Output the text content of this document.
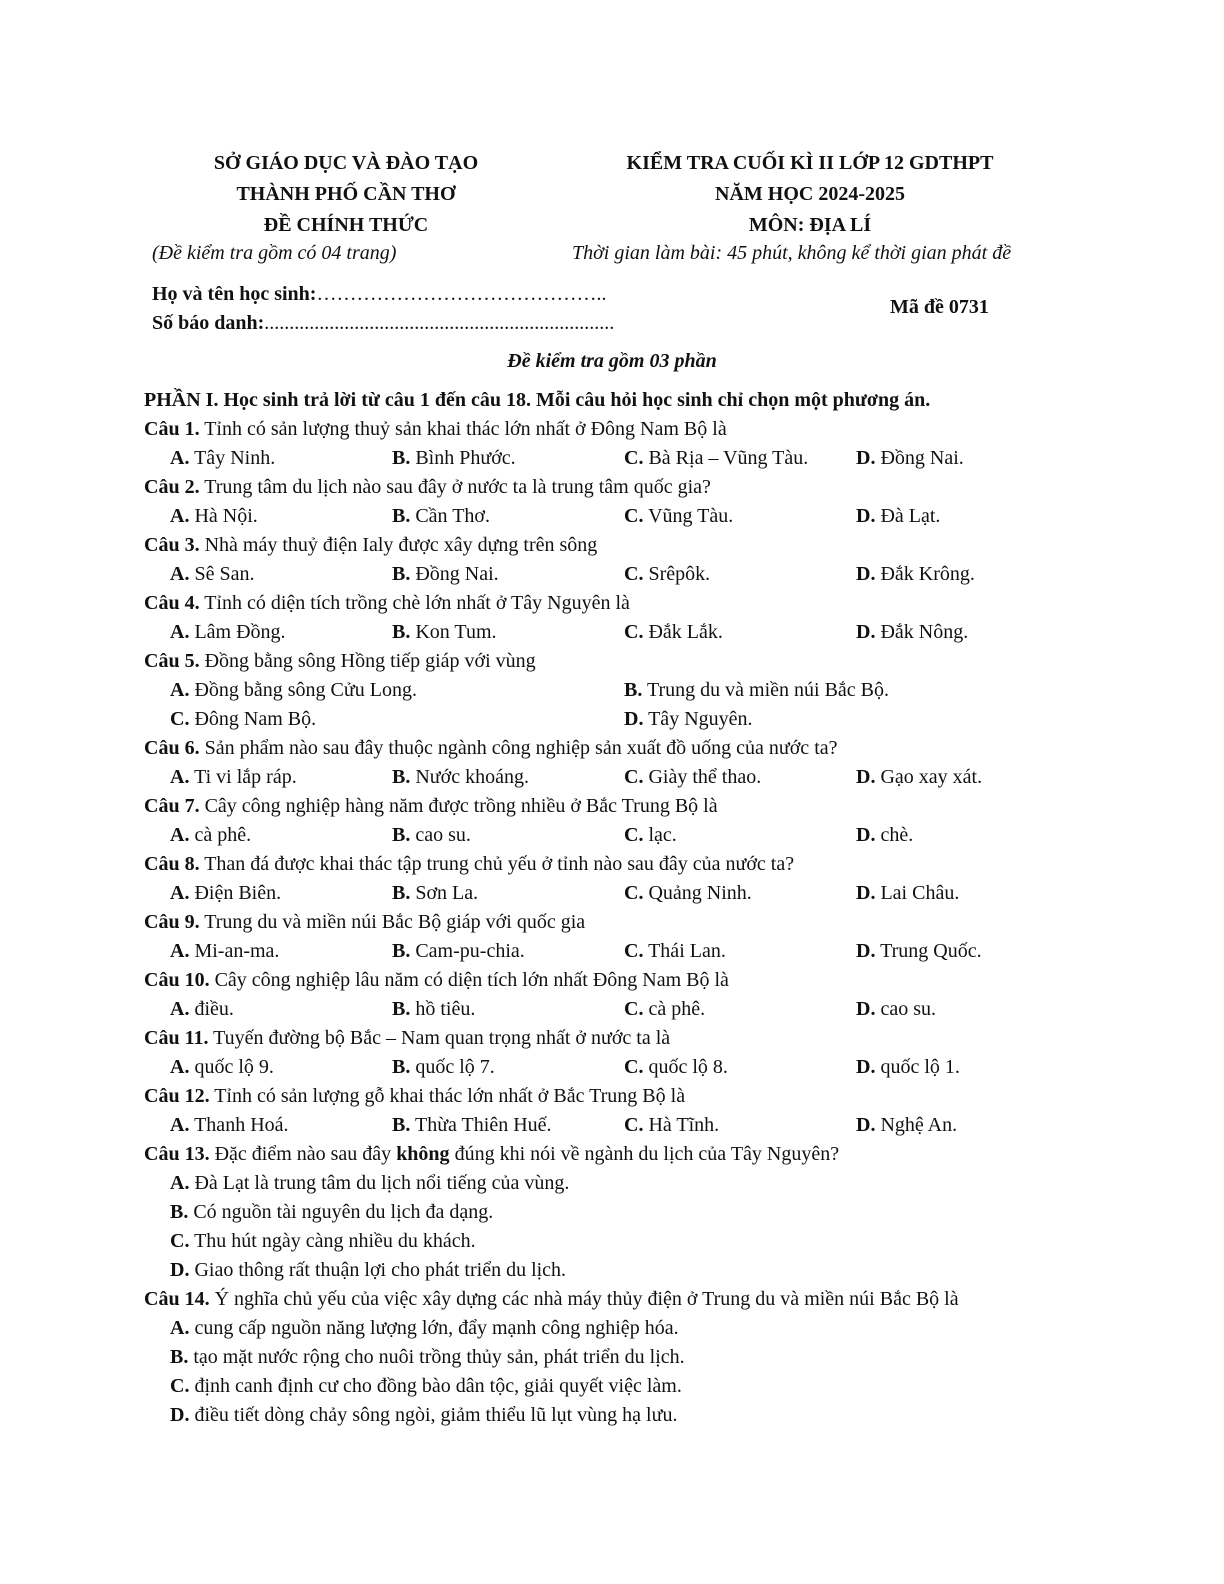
SỞ GIÁO DỤC VÀ ĐÀO TẠO
THÀNH PHỐ CẦN THƠ
ĐỀ CHÍNH THỨC
KIỂM TRA CUỐI KÌ II LỚP 12 GDTHPT
NĂM HỌC 2024-2025
MÔN: ĐỊA LÍ
(Đề kiểm tra gồm có 04 trang)	Thời gian làm bài: 45 phút, không kể thời gian phát đề
Họ và tên học sinh:……………………………………..
Số báo danh:......................................................................
Mã đề 0731
Đề kiểm tra gồm 03 phần
PHẦN I. Học sinh trả lời từ câu 1 đến câu 18. Mỗi câu hỏi học sinh chỉ chọn một phương án.
Câu 1. Tỉnh có sản lượng thuỷ sản khai thác lớn nhất ở Đông Nam Bộ là
A. Tây Ninh.	B. Bình Phước.	C. Bà Rịa – Vũng Tàu. D. Đồng Nai.
Câu 2. Trung tâm du lịch nào sau đây ở nước ta là trung tâm quốc gia?
A. Hà Nội.	B. Cần Thơ.	C. Vũng Tàu.	D. Đà Lạt.
Câu 3. Nhà máy thuỷ điện Ialy được xây dựng trên sông
A. Sê San.	B. Đồng Nai.	C. Srêpôk.	D. Đắk Krông.
Câu 4. Tỉnh có diện tích trồng chè lớn nhất ở Tây Nguyên là
A. Lâm Đồng.	B. Kon Tum.	C. Đắk Lắk.	D. Đắk Nông.
Câu 5. Đồng bằng sông Hồng tiếp giáp với vùng
A. Đồng bằng sông Cửu Long.	B. Trung du và miền núi Bắc Bộ.
C. Đông Nam Bộ.	D. Tây Nguyên.
Câu 6. Sản phẩm nào sau đây thuộc ngành công nghiệp sản xuất đồ uống của nước ta?
A. Ti vi lắp ráp.	B. Nước khoáng.	C. Giày thể thao.	D. Gạo xay xát.
Câu 7. Cây công nghiệp hàng năm được trồng nhiều ở Bắc Trung Bộ là
A. cà phê.	B. cao su.	C. lạc.	D. chè.
Câu 8. Than đá được khai thác tập trung chủ yếu ở tỉnh nào sau đây của nước ta?
A. Điện Biên.	B. Sơn La.	C. Quảng Ninh.	D. Lai Châu.
Câu 9. Trung du và miền núi Bắc Bộ giáp với quốc gia
A. Mi-an-ma.	B. Cam-pu-chia.	C. Thái Lan.	D. Trung Quốc.
Câu 10. Cây công nghiệp lâu năm có diện tích lớn nhất Đông Nam Bộ là
A. điều.	B. hồ tiêu.	C. cà phê.	D. cao su.
Câu 11. Tuyến đường bộ Bắc – Nam quan trọng nhất ở nước ta là
A. quốc lộ 9.	B. quốc lộ 7.	C. quốc lộ 8.	D. quốc lộ 1.
Câu 12. Tỉnh có sản lượng gỗ khai thác lớn nhất ở Bắc Trung Bộ là
A. Thanh Hoá.	B. Thừa Thiên Huế.	C. Hà Tĩnh.	D. Nghệ An.
Câu 13. Đặc điểm nào sau đây không đúng khi nói về ngành du lịch của Tây Nguyên?
A. Đà Lạt là trung tâm du lịch nổi tiếng của vùng.
B. Có nguồn tài nguyên du lịch đa dạng.
C. Thu hút ngày càng nhiều du khách.
D. Giao thông rất thuận lợi cho phát triển du lịch.
Câu 14. Ý nghĩa chủ yếu của việc xây dựng các nhà máy thủy điện ở Trung du và miền núi Bắc Bộ là
A. cung cấp nguồn năng lượng lớn, đẩy mạnh công nghiệp hóa.
B. tạo mặt nước rộng cho nuôi trồng thủy sản, phát triển du lịch.
C. định canh định cư cho đồng bào dân tộc, giải quyết việc làm.
D. điều tiết dòng chảy sông ngòi, giảm thiểu lũ lụt vùng hạ lưu.
